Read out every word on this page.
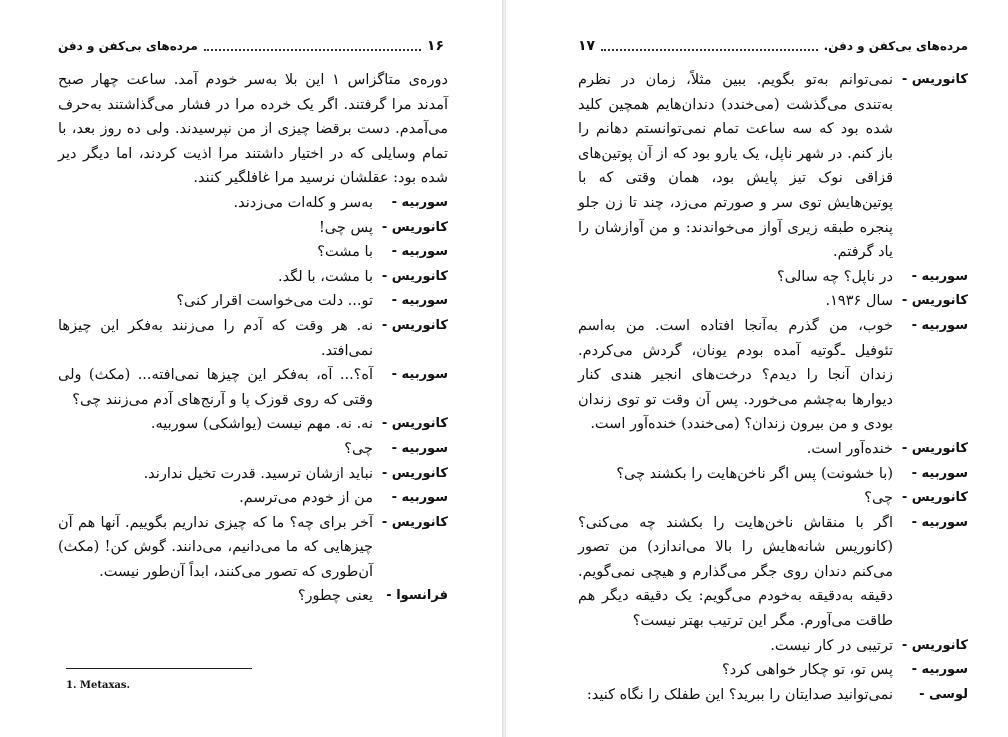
۱۶
مرده‌های بی‌کفن و دفن
دوره‌ی متاگزاس ۱ این بلا به‌سر خودم آمد. ساعت چهار صبح آمدند مرا گرفتند. اگر یک خرده مرا در فشار می‌گذاشتند به‌حرف می‌آمدم. دست برقضا چیزی از من نپرسیدند. ولی ده روز بعد، با تمام وسایلی که در اختیار داشتند مرا اذیت کردند، اما دیگر دیر شده بود: عقلشان نرسید مرا غافلگیر کنند.
سوربیه -
به‌سر و کله‌ات می‌زدند.
کانوریس -
پس چی!
سوربیه -
با مشت؟
کانوریس -
با مشت، با لگد.
سوربیه -
تو... دلت می‌خواست اقرار کنی؟
کانوریس -
نه. هر وقت که آدم را می‌زنند به‌فکر این چیزها نمی‌افتد.
سوربیه -
آه؟... آه، به‌فکر این چیزها نمی‌افته... (مکث) ولی وقتی که روی قوزک پا و آرنج‌های آدم می‌زنند چی؟
کانوریس -
نه. نه. مهم نیست (یواشکی) سوربیه.
سوربیه -
چی؟
کانوریس -
نباید ازشان ترسید. قدرت تخیل ندارند.
سوربیه -
من از خودم می‌ترسم.
کانوریس -
آخر برای چه؟ ما که چیزی نداریم بگوییم. آنها هم آن چیزهایی که ما می‌دانیم، می‌دانند. گوش کن! (مکث) آن‌طوری که تصور می‌کنند، ابداً آن‌طور نیست.
فرانسوا -
یعنی چطور؟
1. Metaxas.
مرده‌های بی‌کفن و دفن.
۱۷
کانوریس -
نمی‌توانم به‌تو بگویم. ببین مثلاً، زمان در نظرم به‌تندی می‌گذشت (می‌خندد) دندان‌هایم همچین کلید شده بود که سه ساعت تمام نمی‌توانستم دهانم را باز کنم. در شهر ناپل، یک یارو بود که از آن پوتین‌های قزاقی نوک تیز پایش بود، همان وقتی که با پوتین‌هایش توی سر و صورتم می‌زد، چند تا زن جلو پنجره طبقه زیری آواز می‌خواندند: و من آوازشان را یاد گرفتم.
سوربیه -
در ناپل؟ چه سالی؟
کانوریس -
سال ۱۹۳۶.
سوربیه -
خوب، من گذرم به‌آنجا افتاده است. من به‌اسم تئوفیل ـ‌گوتیه آمده بودم یونان، گردش می‌کردم. زندان آنجا را دیدم؟ درخت‌های انجیر هندی کنار دیوارها به‌چشم می‌خورد. پس آن وقت تو توی زندان بودی و من بیرون زندان؟ (می‌خندد) خنده‌آور است.
کانوریس -
خنده‌آور است.
سوربیه -
(با خشونت) پس اگر ناخن‌هایت را بکشند چی؟
کانوریس -
چی؟
سوربیه -
اگر با منقاش ناخن‌هایت را بکشند چه می‌کنی؟ (کانوریس شانه‌هایش را بالا می‌اندازد) من تصور می‌کنم دندان روی جگر می‌گذارم و هیچی نمی‌گویم. دقیقه به‌دقیقه به‌خودم می‌گویم: یک دقیقه دیگر هم طاقت می‌آورم. مگر این ترتیب بهتر نیست؟
کانوریس -
ترتیبی در کار نیست.
سوربیه -
پس تو، تو چکار خواهی کرد؟
لوسی -
نمی‌توانید صدایتان را ببرید؟ این طفلک را نگاه کنید:
